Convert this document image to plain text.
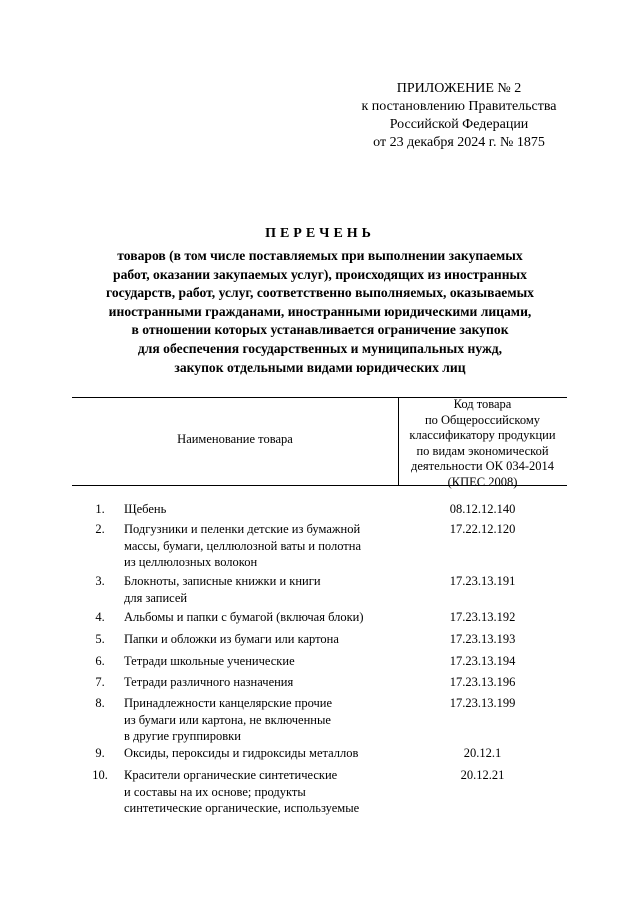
ПРИЛОЖЕНИЕ № 2
к постановлению Правительства
Российской Федерации
от 23 декабря 2024 г. № 1875
ПЕРЕЧЕНЬ
товаров (в том числе поставляемых при выполнении закупаемых
работ, оказании закупаемых услуг), происходящих из иностранных
государств, работ, услуг, соответственно выполняемых, оказываемых
иностранными гражданами, иностранными юридическими лицами,
в отношении которых устанавливается ограничение закупок
для обеспечения государственных и муниципальных нужд,
закупок отдельными видами юридических лиц
Наименование товара
Код товара
по Общероссийскому
классификатору продукции
по видам экономической
деятельности ОК 034-2014
(КПЕС 2008)
1.	Щебень	08.12.12.140
2.	Подгузники и пеленки детские из бумажной
массы, бумаги, целлюлозной ваты и полотна
из целлюлозных волокон
17.22.12.120
3.	Блокноты, записные книжки и книги
для записей
17.23.13.191
4.	Альбомы и папки с бумагой (включая блоки)	17.23.13.192
5.	Папки и обложки из бумаги или картона	17.23.13.193
6.	Тетради школьные ученические	17.23.13.194
7.	Тетради различного назначения	17.23.13.196
8.	Принадлежности канцелярские прочие
из бумаги или картона, не включенные
в другие группировки
17.23.13.199
9.	Оксиды, пероксиды и гидроксиды металлов	20.12.1
10.	Красители органические синтетические
и составы на их основе; продукты
синтетические органические, используемые
20.12.21
